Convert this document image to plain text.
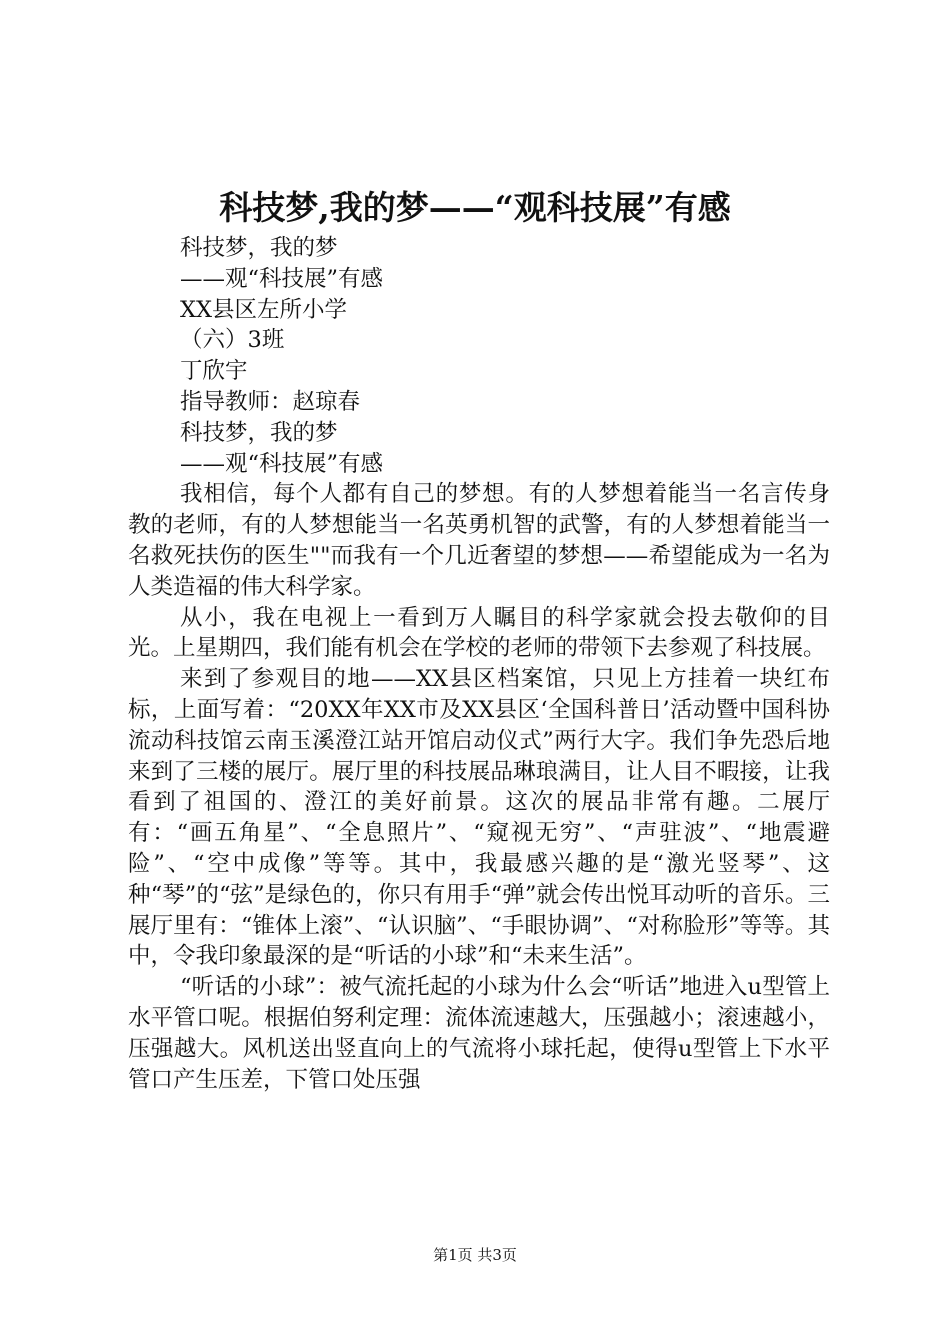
科技梦,我的梦——“观科技展”有感

科技梦，我的梦

——观“科技展”有感

XX县区左所小学

（六）3班

丁欣宇

指导教师：赵琼春

科技梦，我的梦

——观“科技展”有感

我相信，每个人都有自己的梦想。有的人梦想着能当一名言传身教的老师，有的人梦想能当一名英勇机智的武警，有的人梦想着能当一名救死扶伤的医生""而我有一个几近奢望的梦想——希望能成为一名为人类造福的伟大科学家。

从小，我在电视上一看到万人瞩目的科学家就会投去敬仰的目光。上星期四，我们能有机会在学校的老师的带领下去参观了科技展。

来到了参观目的地——XX县区档案馆，只见上方挂着一块红布标，上面写着：“20XX年XX市及XX县区‘全国科普日’活动暨中国科协流动科技馆云南玉溪澄江站开馆启动仪式”两行大字。我们争先恐后地来到了三楼的展厅。展厅里的科技展品琳琅满目，让人目不暇接，让我看到了祖国的、澄江的美好前景。这次的展品非常有趣。二展厅有：“画五角星”、“全息照片”、“窥视无穷”、“声驻波”、“地震避险”、“空中成像”等等。其中，我最感兴趣的是“激光竖琴”、这种“琴”的“弦”是绿色的，你只有用手“弹”就会传出悦耳动听的音乐。三展厅里有：“锥体上滚”、“认识脑”、“手眼协调”、“对称脸形”等等。其中，令我印象最深的是“听话的小球”和“未来生活”。

“听话的小球”：被气流托起的小球为什么会“听话”地进入u型管上水平管口呢。根据伯努利定理：流体流速越大，压强越小；滚速越小，压强越大。风机送出竖直向上的气流将小球托起，使得u型管上下水平管口产生压差，下管口处压强

第1页 共3页
